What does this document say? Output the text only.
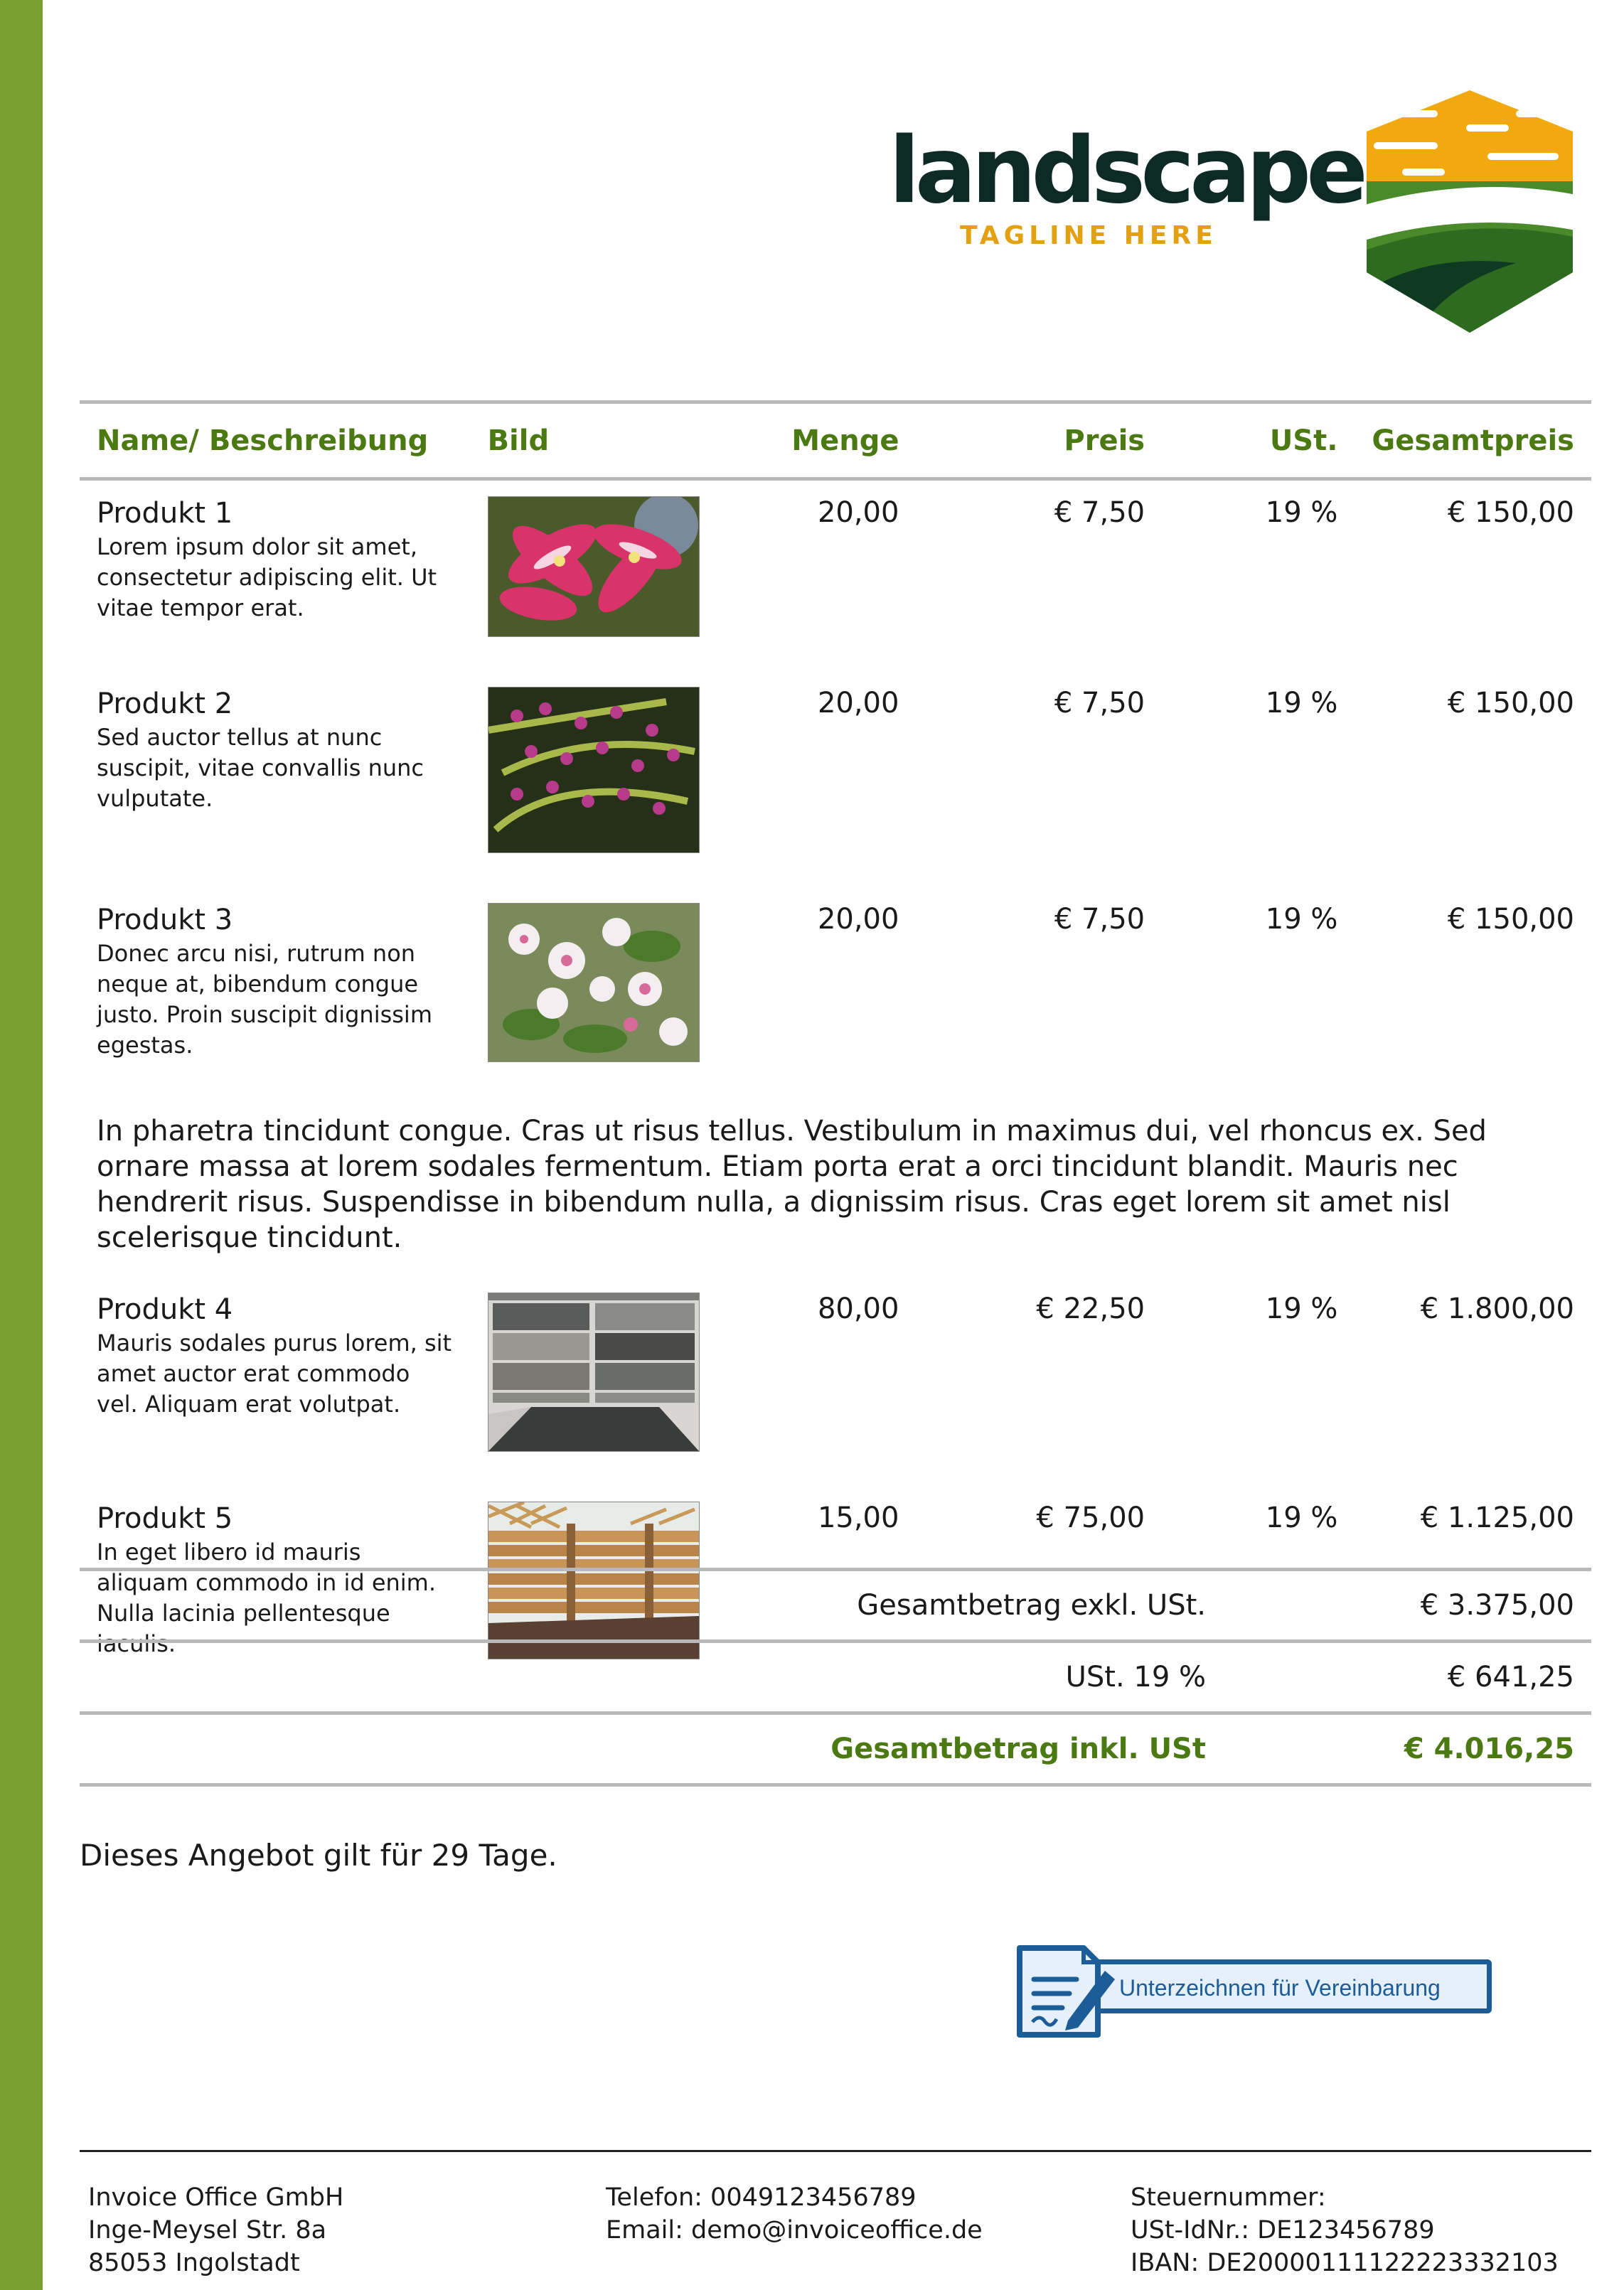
landscape
TAGLINE HERE
Name/ Beschreibung	Bild	Menge	Preis	USt.	Gesamtpreis

Produkt 1
Lorem ipsum dolor sit amet, consectetur adipiscing elit. Ut vitae tempor erat.		20,00	€ 7,50	19 %	€ 150,00

Produkt 2
Sed auctor tellus at nunc suscipit, vitae convallis nunc vulputate.		20,00	€ 7,50	19 %	€ 150,00

Produkt 3
Donec arcu nisi, rutrum non neque at, bibendum congue justo. Proin suscipit dignissim egestas.		20,00	€ 7,50	19 %	€ 150,00
In pharetra tincidunt congue. Cras ut risus tellus. Vestibulum in maximus dui, vel rhoncus ex. Sed ornare massa at lorem sodales fermentum. Etiam porta erat a orci tincidunt blandit. Mauris nec hendrerit risus. Suspendisse in bibendum nulla, a dignissim risus. Cras eget lorem sit amet nisl scelerisque tincidunt.					

Produkt 4
Mauris sodales purus lorem, sit amet auctor erat commodo vel. Aliquam erat volutpat.		80,00	€ 22,50	19 %	€ 1.800,00

Produkt 5
In eget libero id mauris aliquam commodo in id enim. Nulla lacinia pellentesque iaculis.		15,00	€ 75,00	19 %	€ 1.125,00
Gesamtbetrag exkl. USt.	€ 3.375,00
USt. 19 %	€ 641,25
Gesamtbetrag inkl. USt	€ 4.016,25
Dieses Angebot gilt für 29 Tage.
Unterzeichnen für Vereinbarung
Invoice Office GmbH
Inge-Meysel Str. 8a
85053 Ingolstadt
Telefon: 0049123456789
Email: demo@invoiceoffice.de
Steuernummer:
USt-IdNr.: DE123456789
IBAN: DE20000111122223332103
